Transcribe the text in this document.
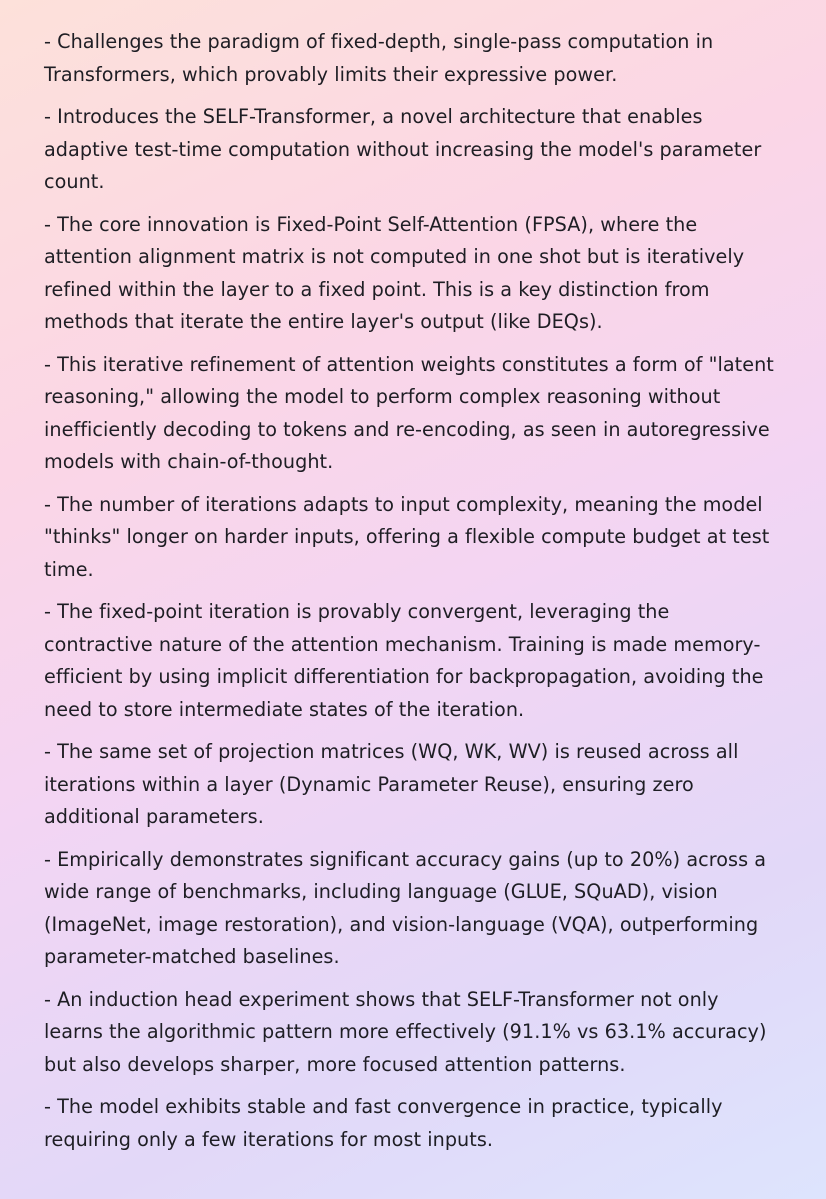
- Challenges the paradigm of fixed-depth, single-pass computation in Transformers, which provably limits their expressive power.

- Introduces the SELF-Transformer, a novel architecture that enables adaptive test-time computation without increasing the model's parameter count.

- The core innovation is Fixed-Point Self-Attention (FPSA), where the attention alignment matrix is not computed in one shot but is iteratively refined within the layer to a fixed point. This is a key distinction from methods that iterate the entire layer's output (like DEQs).

- This iterative refinement of attention weights constitutes a form of "latent reasoning," allowing the model to perform complex reasoning without inefficiently decoding to tokens and re-encoding, as seen in autoregressive models with chain-of-thought.

- The number of iterations adapts to input complexity, meaning the model "thinks" longer on harder inputs, offering a flexible compute budget at test time.

- The fixed-point iteration is provably convergent, leveraging the contractive nature of the attention mechanism. Training is made memory-efficient by using implicit differentiation for backpropagation, avoiding the need to store intermediate states of the iteration.

- The same set of projection matrices (WQ, WK, WV) is reused across all iterations within a layer (Dynamic Parameter Reuse), ensuring zero additional parameters.

- Empirically demonstrates significant accuracy gains (up to 20%) across a wide range of benchmarks, including language (GLUE, SQuAD), vision (ImageNet, image restoration), and vision-language (VQA), outperforming parameter-matched baselines.

- An induction head experiment shows that SELF-Transformer not only learns the algorithmic pattern more effectively (91.1% vs 63.1% accuracy) but also develops sharper, more focused attention patterns.

- The model exhibits stable and fast convergence in practice, typically requiring only a few iterations for most inputs.
